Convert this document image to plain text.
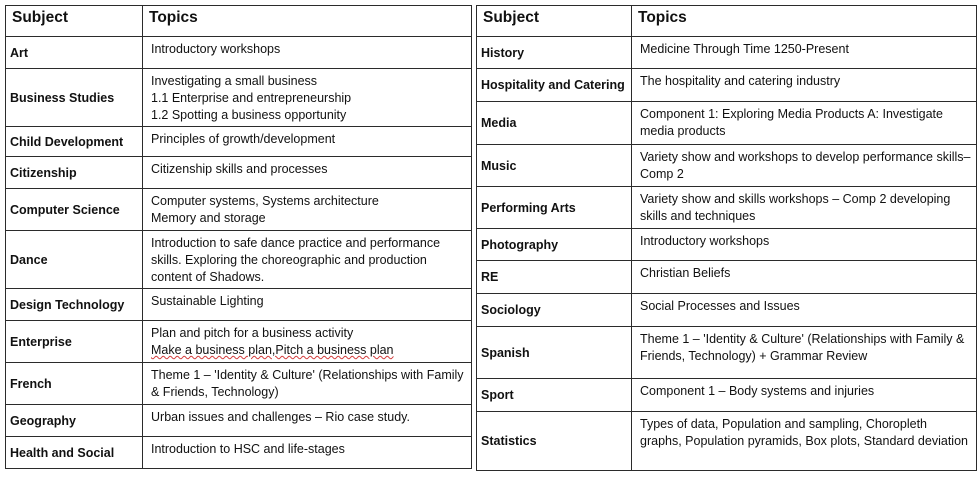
Subject	Topics
Art	Introductory workshops

Business Studies	Investigating a small business
1.1 Enterprise and entrepreneurship
1.2 Spotting a business opportunity

Child Development	Principles of growth/development

Citizenship	Citizenship skills and processes

Computer Science	Computer systems, Systems architecture
Memory and storage

Dance	Introduction to safe dance practice and performance skills. Exploring the choreographic and production content of Shadows.

Design Technology	Sustainable Lighting

Enterprise	Plan and pitch for a business activity
Make a business plan,Pitch a business plan

French	Theme 1 – 'Identity & Culture' (Relationships with Family & Friends, Technology)

Geography	Urban issues and challenges – Rio case study.

Health and Social	Introduction to HSC and life-stages
Subject	Topics
History	Medicine Through Time 1250-Present

Hospitality and Catering	The hospitality and catering industry

Media	Component 1: Exploring Media Products A: Investigate media products

Music	Variety show and workshops to develop performance skills– Comp 2

Performing Arts	Variety show and skills workshops – Comp 2 developing skills and techniques

Photography	Introductory workshops

RE	Christian Beliefs

Sociology	Social Processes and Issues

Spanish	Theme 1 – 'Identity & Culture' (Relationships with Family & Friends, Technology) + Grammar Review

Sport	Component 1 – Body systems and injuries

Statistics	Types of data, Population and sampling, Choropleth graphs, Population pyramids, Box plots, Standard deviation
